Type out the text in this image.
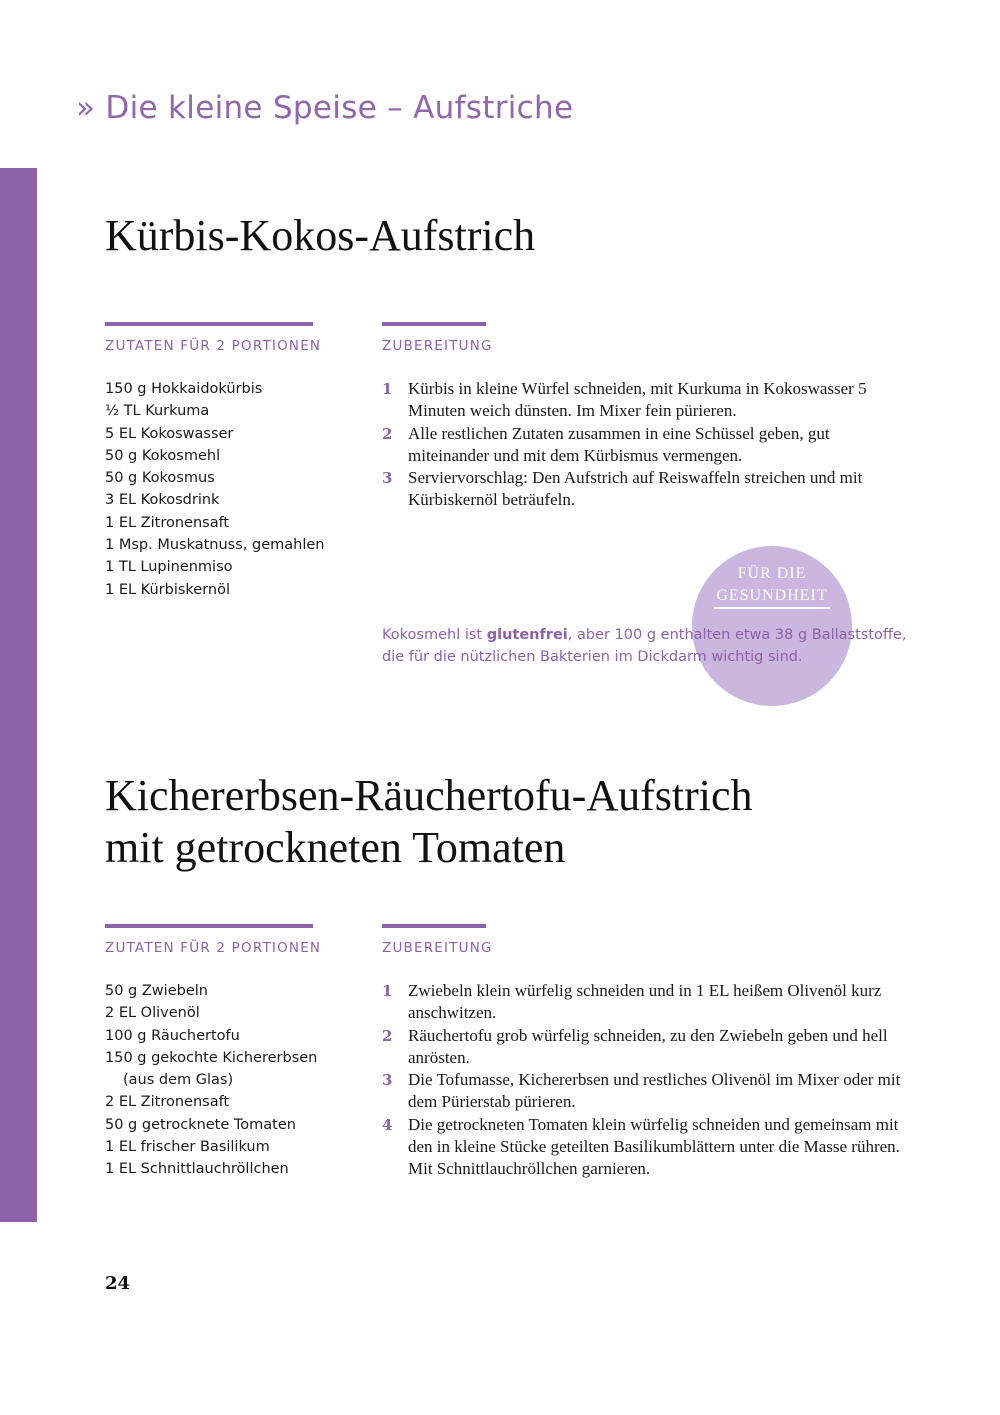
» Die kleine Speise – Aufstriche
Kürbis-Kokos-Aufstrich
ZUTATEN FÜR 2 PORTIONEN	ZUBEREITUNG
150 g Hokkaidokürbis
½ TL Kurkuma
5 EL Kokoswasser
50 g Kokosmehl
50 g Kokosmus
3 EL Kokosdrink
1 EL Zitronensaft
1 Msp. Muskatnuss, gemahlen
1 TL Lupinenmiso
1 EL Kürbiskernöl
1 Kürbis in kleine Würfel schneiden, mit Kurkuma in Kokoswasser 5 Minuten weich dünsten. Im Mixer fein pürieren.
2 Alle restlichen Zutaten zusammen in eine Schüssel geben, gut miteinander und mit dem Kürbismus vermengen.
3 Serviervorschlag: Den Aufstrich auf Reiswaffeln streichen und mit Kürbiskernöl beträufeln.
FÜR DIE
GESUNDHEIT

Kokosmehl ist glutenfrei, aber 100 g enthalten etwa 38 g Ballaststoffe, die für die nützlichen Bakterien im Dickdarm wichtig sind.

Kichererbsen-Räuchertofu-Aufstrich
mit getrockneten Tomaten
ZUTATEN FÜR 2 PORTIONEN	ZUBEREITUNG
50 g Zwiebeln
2 EL Olivenöl
100 g Räuchertofu
150 g gekochte Kichererbsen
(aus dem Glas)
2 EL Zitronensaft
50 g getrocknete Tomaten
1 EL frischer Basilikum
1 EL Schnittlauchröllchen
1 Zwiebeln klein würfelig schneiden und in 1 EL heißem Olivenöl kurz anschwitzen.
2 Räuchertofu grob würfelig schneiden, zu den Zwiebeln geben und hell anrösten.
3 Die Tofumasse, Kichererbsen und restliches Olivenöl im Mixer oder mit dem Pürierstab pürieren.
4 Die getrockneten Tomaten klein würfelig schneiden und gemeinsam mit den in kleine Stücke geteilten Basilikumblättern unter die Masse rühren. Mit Schnittlauchröllchen garnieren.
24
